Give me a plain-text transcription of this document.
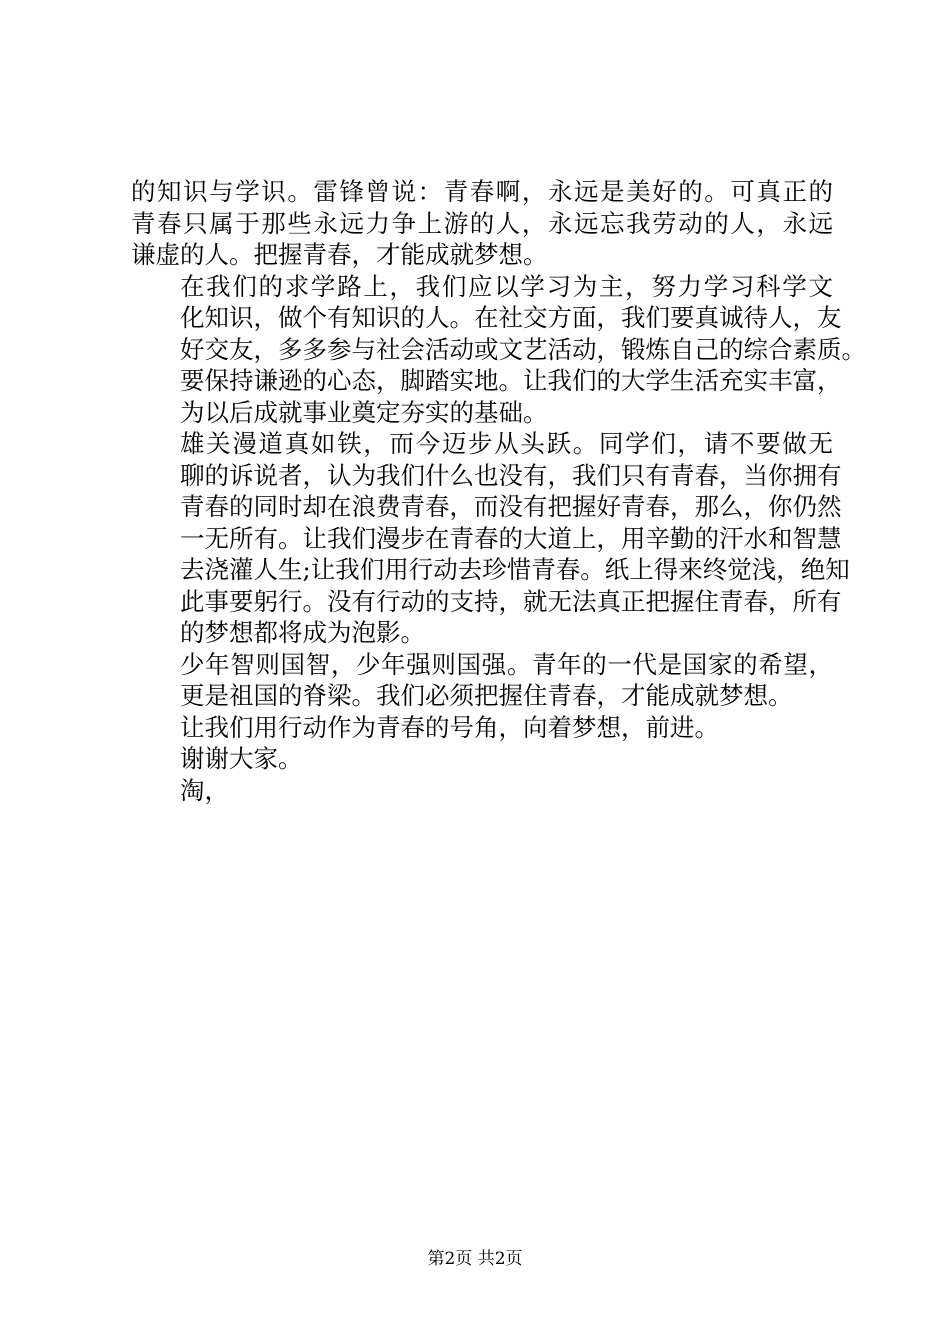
的知识与学识。雷锋曾说：青春啊，永远是美好的。可真正的
青春只属于那些永远力争上游的人，永远忘我劳动的人，永远
谦虚的人。把握青春，才能成就梦想。
在我们的求学路上，我们应以学习为主，努力学习科学文
化知识，做个有知识的人。在社交方面，我们要真诚待人，友
好交友，多多参与社会活动或文艺活动，锻炼自己的综合素质。
要保持谦逊的心态，脚踏实地。让我们的大学生活充实丰富，
为以后成就事业奠定夯实的基础。
雄关漫道真如铁，而今迈步从头跃。同学们，请不要做无
聊的诉说者，认为我们什么也没有，我们只有青春，当你拥有
青春的同时却在浪费青春，而没有把握好青春，那么，你仍然
一无所有。让我们漫步在青春的大道上，用辛勤的汗水和智慧
去浇灌人生;让我们用行动去珍惜青春。纸上得来终觉浅，绝知
此事要躬行。没有行动的支持，就无法真正把握住青春，所有
的梦想都将成为泡影。
少年智则国智，少年强则国强。青年的一代是国家的希望，
更是祖国的脊梁。我们必须把握住青春，才能成就梦想。
让我们用行动作为青春的号角，向着梦想，前进。
谢谢大家。
淘，
第2页 共2页
